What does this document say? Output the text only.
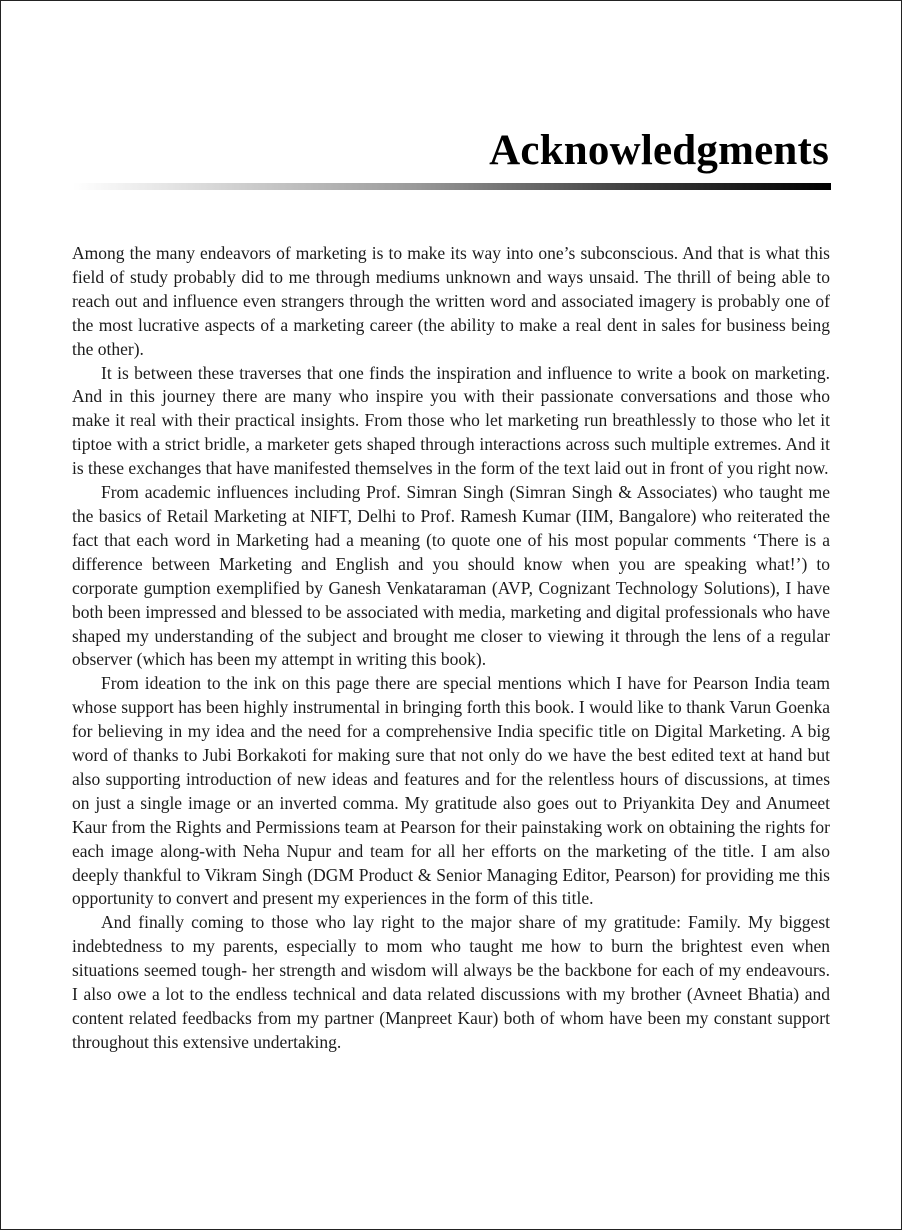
Acknowledgments

Among the many endeavors of marketing is to make its way into one’s subconscious. And that is what this field of study probably did to me through mediums unknown and ways unsaid. The thrill of being able to reach out and influence even strangers through the written word and associated imagery is probably one of the most lucrative aspects of a marketing career (the ability to make a real dent in sales for business being the other).

It is between these traverses that one finds the inspiration and influence to write a book on marketing. And in this journey there are many who inspire you with their passionate conversations and those who make it real with their practical insights. From those who let marketing run breathlessly to those who let it tiptoe with a strict bridle, a marketer gets shaped through interactions across such multiple extremes. And it is these exchanges that have manifested themselves in the form of the text laid out in front of you right now.

From academic influences including Prof. Simran Singh (Simran Singh & Associates) who taught me the basics of Retail Marketing at NIFT, Delhi to Prof. Ramesh Kumar (IIM, Bangalore) who reiterated the fact that each word in Marketing had a meaning (to quote one of his most popular comments ‘There is a difference between Marketing and English and you should know when you are speaking what!’) to corporate gumption exemplified by Ganesh Venkataraman (AVP, Cognizant Technology Solutions), I have both been impressed and blessed to be associated with media, marketing and digital professionals who have shaped my understanding of the subject and brought me closer to viewing it through the lens of a regular observer (which has been my attempt in writing this book).

From ideation to the ink on this page there are special mentions which I have for Pearson India team whose support has been highly instrumental in bringing forth this book. I would like to thank Varun Goenka for believing in my idea and the need for a comprehensive India specific title on Digital Marketing. A big word of thanks to Jubi Borkakoti for making sure that not only do we have the best edited text at hand but also supporting introduction of new ideas and features and for the relentless hours of discussions, at times on just a single image or an inverted comma. My gratitude also goes out to Priyankita Dey and Anumeet Kaur from the Rights and Permissions team at Pearson for their painstaking work on obtaining the rights for each image along-with Neha Nupur and team for all her efforts on the marketing of the title. I am also deeply thankful to Vikram Singh (DGM Product & Senior Managing Editor, Pearson) for providing me this opportunity to convert and present my experiences in the form of this title.

And finally coming to those who lay right to the major share of my gratitude: Family. My biggest indebtedness to my parents, especially to mom who taught me how to burn the brightest even when situations seemed tough- her strength and wisdom will always be the backbone for each of my endeavours. I also owe a lot to the endless technical and data related discussions with my brother (Avneet Bhatia) and content related feedbacks from my partner (Manpreet Kaur) both of whom have been my constant support throughout this extensive undertaking.
